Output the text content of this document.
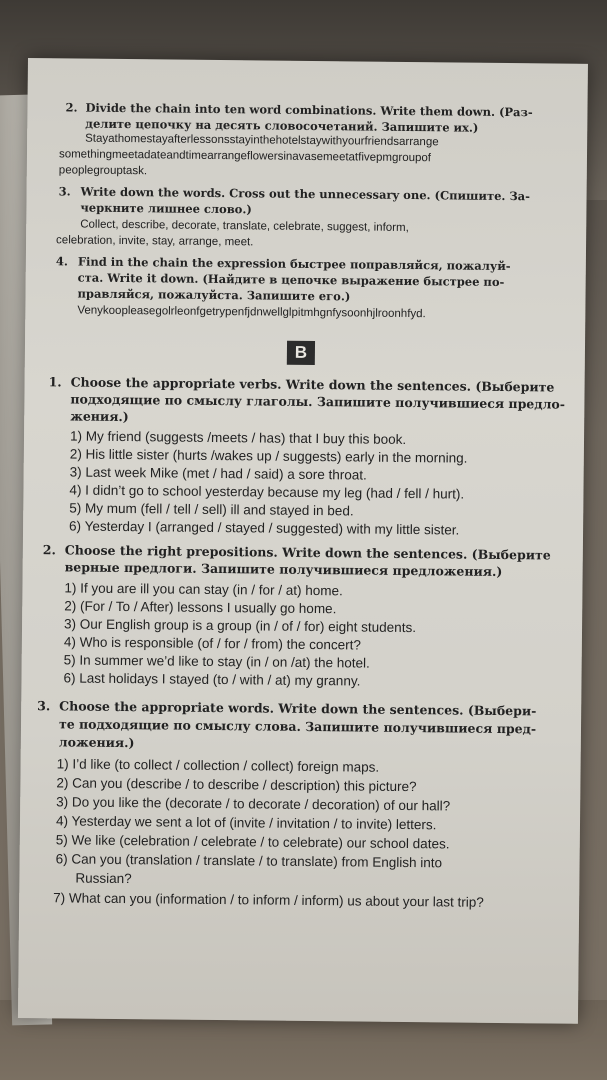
2. Divide the chain into ten word combinations. Write them down. (Раз-
делите цепочку на десять словосочетаний. Запишите их.)
Stayathomestayafterlessonsstayinthehotelstaywithyourfriendsarrange
somethingmeetadateandtimearrangeflowersinavasemeetatfivepmgroupof
peoplegrouptask.
3. Write down the words. Cross out the unnecessary one. (Спишите. За-
черкните лишнее слово.)
Collect, describe, decorate, translate, celebrate, suggest, inform,
celebration, invite, stay, arrange, meet.
4. Find in the chain the expression быстрее поправляйся, пожалуй-
ста. Write it down. (Найдите в цепочке выражение быстрее по-
правляйся, пожалуйста. Запишите его.)
Venykoopleasegolrleonfgetrypenfjdnwellglpitmhgnfysoonhjlroonhfyd.
B
1. Choose the appropriate verbs. Write down the sentences. (Выберите
подходящие по смыслу глаголы. Запишите получившиеся предло-
жения.)
1) My friend (suggests /meets / has) that I buy this book.
2) His little sister (hurts /wakes up / suggests) early in the morning.
3) Last week Mike (met / had / said) a sore throat.
4) I didn’t go to school yesterday because my leg (had / fell / hurt).
5) My mum (fell / tell / sell) ill and stayed in bed.
6) Yesterday I (arranged / stayed / suggested) with my little sister.
2. Choose the right prepositions. Write down the sentences. (Выберите
верные предлоги. Запишите получившиеся предложения.)
1) If you are ill you can stay (in / for / at) home.
2) (For / To / After) lessons I usually go home.
3) Our English group is a group (in / of / for) eight students.
4) Who is responsible (of / for / from) the concert?
5) In summer we’d like to stay (in / on /at) the hotel.
6) Last holidays I stayed (to / with / at) my granny.
3. Choose the appropriate words. Write down the sentences. (Выбери-
те подходящие по смыслу слова. Запишите получившиеся пред-
ложения.)
1) I’d like (to collect / collection / collect) foreign maps.
2) Can you (describe / to describe / description) this picture?
3) Do you like the (decorate / to decorate / decoration) of our hall?
4) Yesterday we sent a lot of (invite / invitation / to invite) letters.
5) We like (celebration / celebrate / to celebrate) our school dates.
6) Can you (translation / translate / to translate) from English into
Russian?
7) What can you (information / to inform / inform) us about your last trip?
